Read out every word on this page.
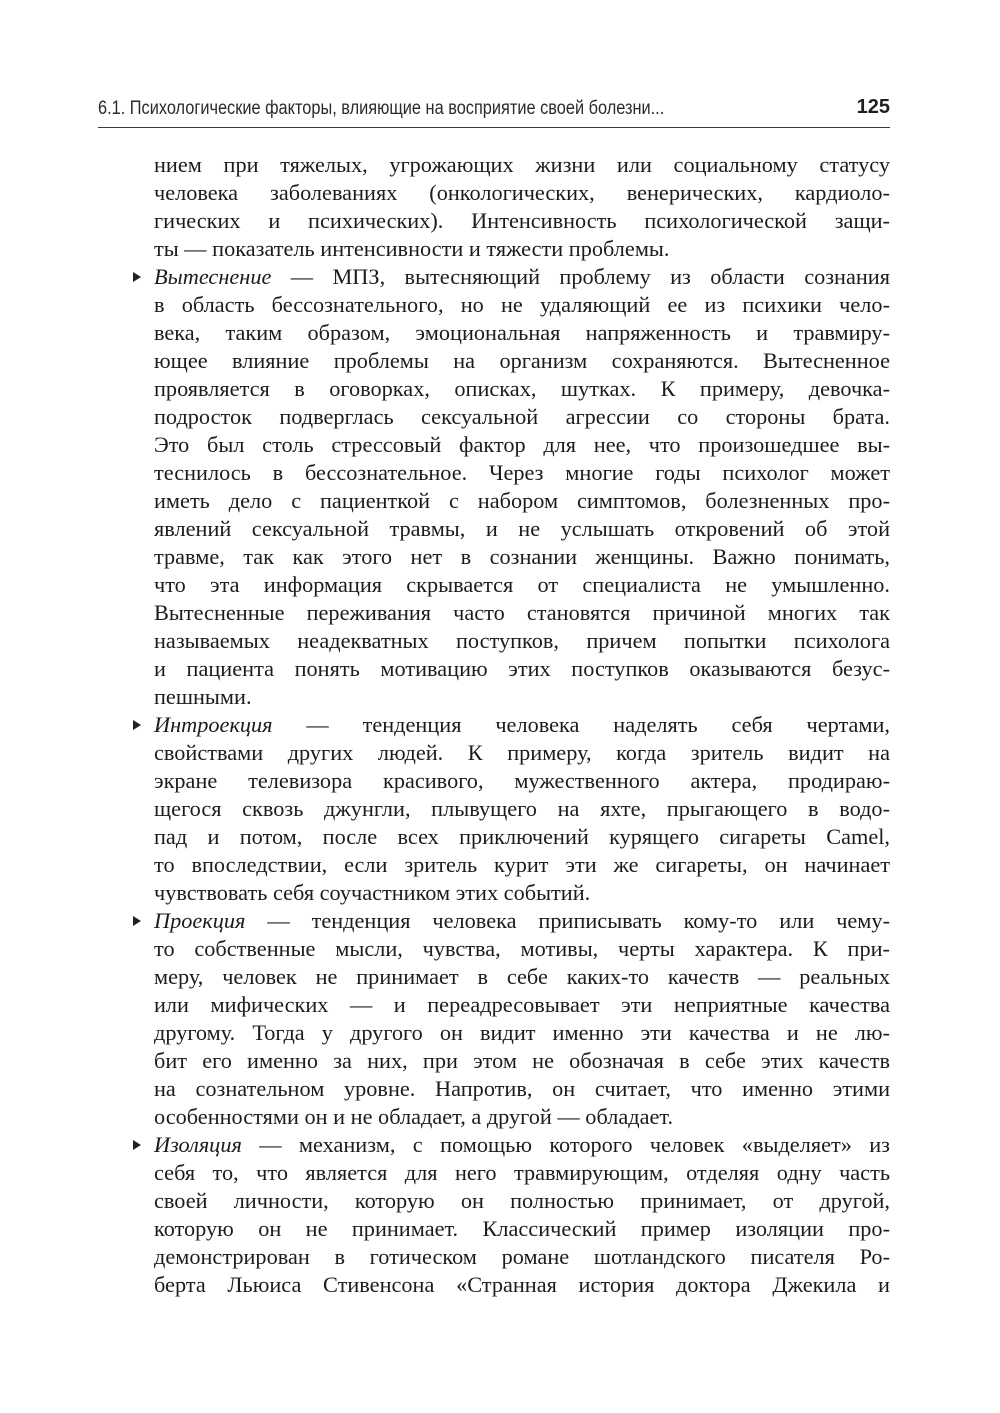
6.1. Психологические факторы, влияющие на восприятие своей болезни...	125
нием при тяжелых, угрожающих жизни или социальному статусу
человека заболеваниях (онкологических, венерических, кардиоло-
гических и психических). Интенсивность психологической защи-
ты — показатель интенсивности и тяжести проблемы.
Вытеснение — МПЗ, вытесняющий проблему из области сознания
в область бессознательного, но не удаляющий ее из психики чело-
века, таким образом, эмоциональная напряженность и травмиру-
ющее влияние проблемы на организм сохраняются. Вытесненное
проявляется в оговорках, описках, шутках. К примеру, девочка-
подросток подверглась сексуальной агрессии со стороны брата.
Это был столь стрессовый фактор для нее, что произошедшее вы-
теснилось в бессознательное. Через многие годы психолог может
иметь дело с пациенткой с набором симптомов, болезненных про-
явлений сексуальной травмы, и не услышать откровений об этой
травме, так как этого нет в сознании женщины. Важно понимать,
что эта информация скрывается от специалиста не умышленно.
Вытесненные переживания часто становятся причиной многих так
называемых неадекватных поступков, причем попытки психолога
и пациента понять мотивацию этих поступков оказываются безус-
пешными.
Интроекция — тенденция человека наделять себя чертами,
свойствами других людей. К примеру, когда зритель видит на
экране телевизора красивого, мужественного актера, продираю-
щегося сквозь джунгли, плывущего на яхте, прыгающего в водо-
пад и потом, после всех приключений курящего сигареты Camel,
то впоследствии, если зритель курит эти же сигареты, он начинает
чувствовать себя соучастником этих событий.
Проекция — тенденция человека приписывать кому-то или чему-
то собственные мысли, чувства, мотивы, черты характера. К при-
меру, человек не принимает в себе каких-то качеств — реальных
или мифических — и переадресовывает эти неприятные качества
другому. Тогда у другого он видит именно эти качества и не лю-
бит его именно за них, при этом не обозначая в себе этих качеств
на сознательном уровне. Напротив, он считает, что именно этими
особенностями он и не обладает, а другой — обладает.
Изоляция — механизм, с помощью которого человек «выделяет» из
себя то, что является для него травмирующим, отделяя одну часть
своей личности, которую он полностью принимает, от другой,
которую он не принимает. Классический пример изоляции про-
демонстрирован в готическом романе шотландского писателя Ро-
берта Льюиса Стивенсона «Странная история доктора Джекила и
